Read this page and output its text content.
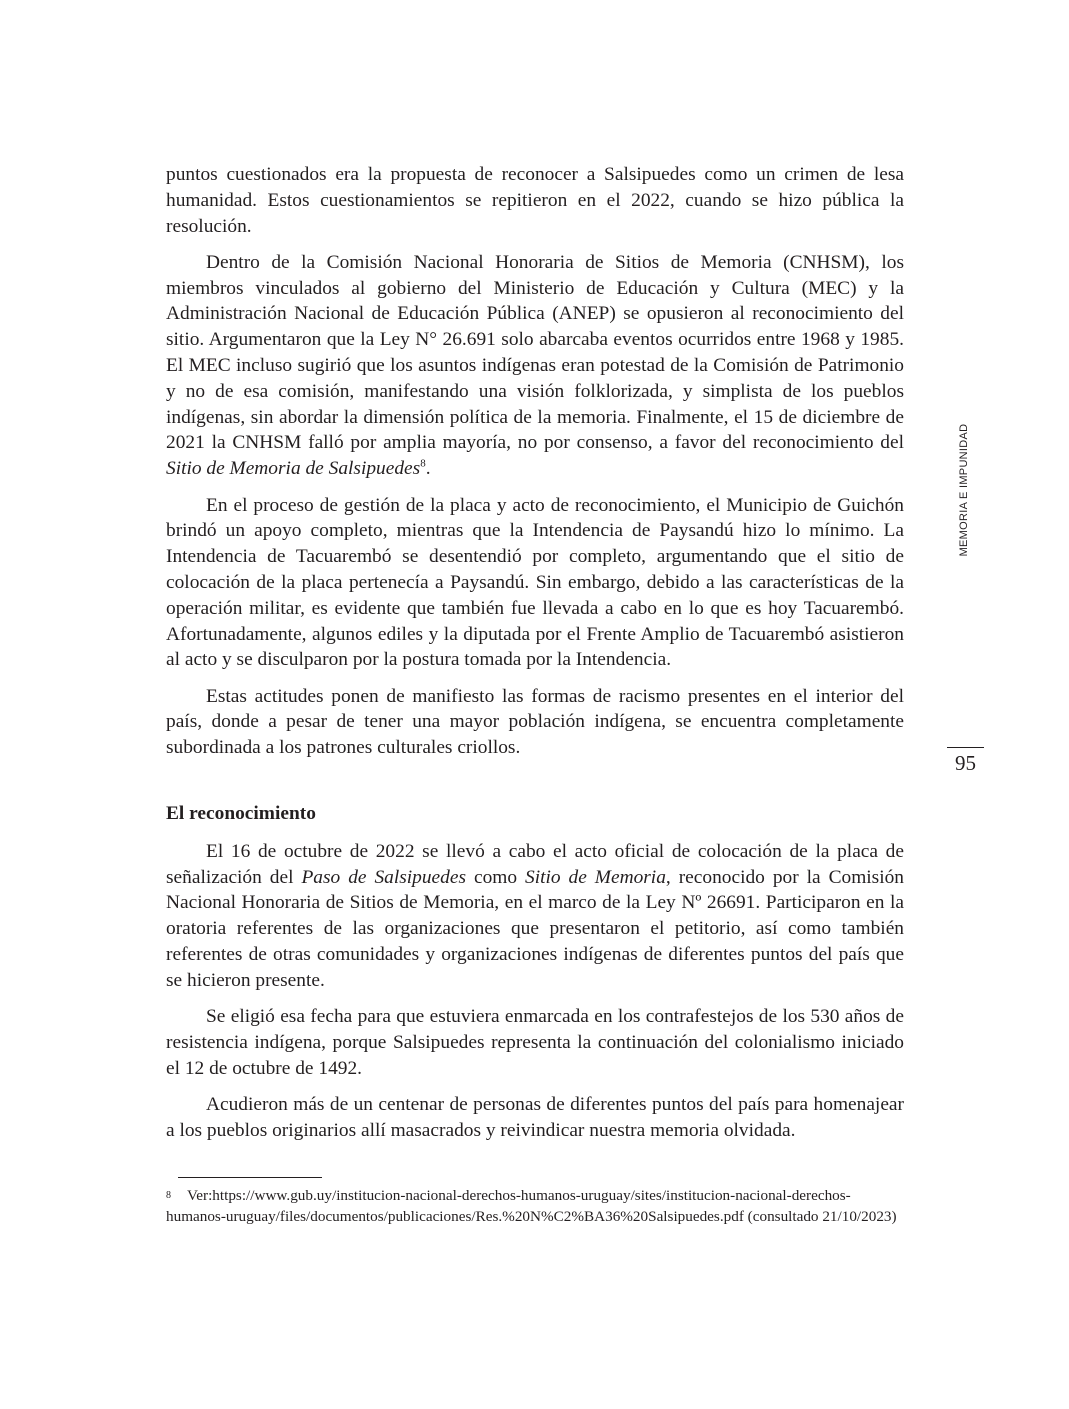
puntos cuestionados era la propuesta de reconocer a Salsipuedes como un crimen de lesa humanidad. Estos cuestionamientos se repitieron en el 2022, cuando se hizo pública la resolución.

Dentro de la Comisión Nacional Honoraria de Sitios de Memoria (CNHSM), los miembros vinculados al gobierno del Ministerio de Educación y Cultura (MEC) y la Administración Nacional de Educación Pública (ANEP) se opusieron al reconocimiento del sitio. Argumentaron que la Ley N° 26.691 solo abarcaba eventos ocurridos entre 1968 y 1985. El MEC incluso sugirió que los asuntos indígenas eran potestad de la Comisión de Patrimonio y no de esa comisión, manifestando una visión folklorizada, y simplista de los pueblos indígenas, sin abordar la dimensión política de la memoria. Finalmente, el 15 de diciembre de 2021 la CNHSM falló por amplia mayoría, no por consenso, a favor del reconocimiento del Sitio de Memoria de Salsipuedes$^8$.

En el proceso de gestión de la placa y acto de reconocimiento, el Municipio de Guichón brindó un apoyo completo, mientras que la Intendencia de Paysandú hizo lo mínimo. La Intendencia de Tacuarembó se desentendió por completo, argumentando que el sitio de colocación de la placa pertenecía a Paysandú. Sin embargo, debido a las características de la operación militar, es evidente que también fue llevada a cabo en lo que es hoy Tacuarembó. Afortunadamente, algunos ediles y la diputada por el Frente Amplio de Tacuarembó asistieron al acto y se disculparon por la postura tomada por la Intendencia.

Estas actitudes ponen de manifiesto las formas de racismo presentes en el interior del país, donde a pesar de tener una mayor población indígena, se encuentra completamente subordinada a los patrones culturales criollos.

El reconocimiento

El 16 de octubre de 2022 se llevó a cabo el acto oficial de colocación de la placa de señalización del Paso de Salsipuedes como Sitio de Memoria, reconocido por la Comisión Nacional Honoraria de Sitios de Memoria, en el marco de la Ley Nº 26691. Participaron en la oratoria referentes de las organizaciones que presentaron el petitorio, así como también referentes de otras comunidades y organizaciones indígenas de diferentes puntos del país que se hicieron presente.

Se eligió esa fecha para que estuviera enmarcada en los contrafestejos de los 530 años de resistencia indígena, porque Salsipuedes representa la continuación del colonialismo iniciado el 12 de octubre de 1492.

Acudieron más de un centenar de personas de diferentes puntos del país para homenajear a los pueblos originarios allí masacrados y reivindicar nuestra memoria olvidada.

$^8$ Ver:https://www.gub.uy/institucion-nacional-derechos-humanos-uruguay/sites/institucion-nacional-derechos-humanos-uruguay/files/documentos/publicaciones/Res.%20N%C2%BA36%20Salsipuedes.pdf (consultado 21/10/2023)
MEMORIA E IMPUNIDAD
95
